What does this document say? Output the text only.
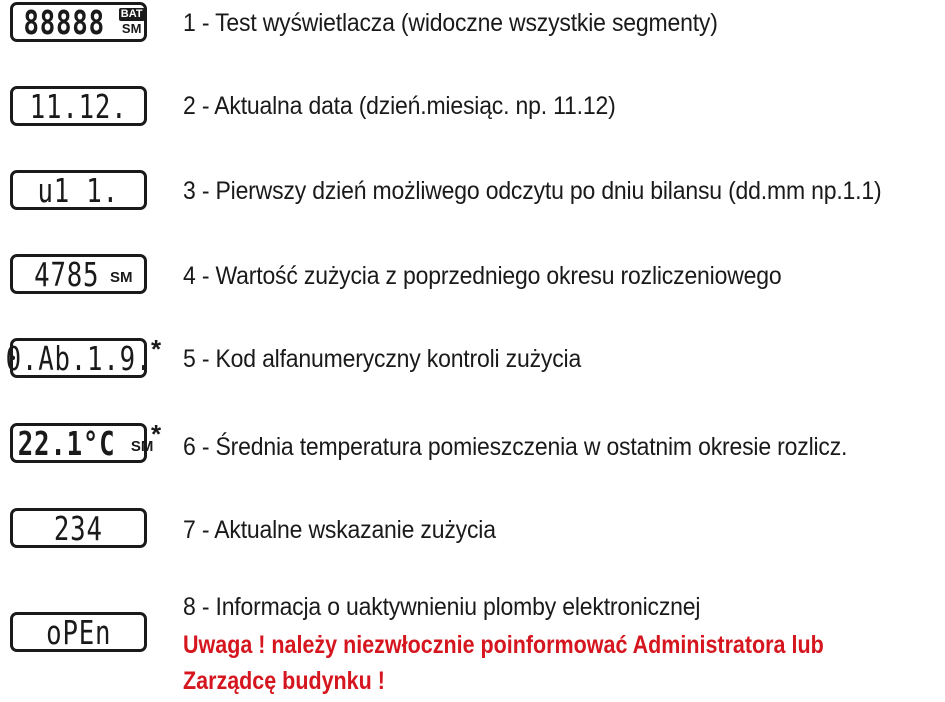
88888 BAT
SM 1 - Test wyświetlacza (widoczne wszystkie segmenty)
11.12. 2 - Aktualna data (dzień.miesiąc. np. 11.12)
u1 1.	3 - Pierwszy dzień możliwego odczytu po dniu bilansu (dd.mm np.1.1)
4785 SM 4 - Wartość zużycia z poprzedniego okresu rozliczeniowego
0.Ab.1.9. * 5 - Kod alfanumeryczny kontroli zużycia
22.1°C SM
* 6 - Średnia temperatura pomieszczenia w ostatnim okresie rozlicz.
234	7 - Aktualne wskazanie zużycia
oPEn
8 - Informacja o uaktywnieniu plomby elektronicznej
Uwaga ! należy niezwłocznie poinformować Administratora lub
Zarządcę budynku !
